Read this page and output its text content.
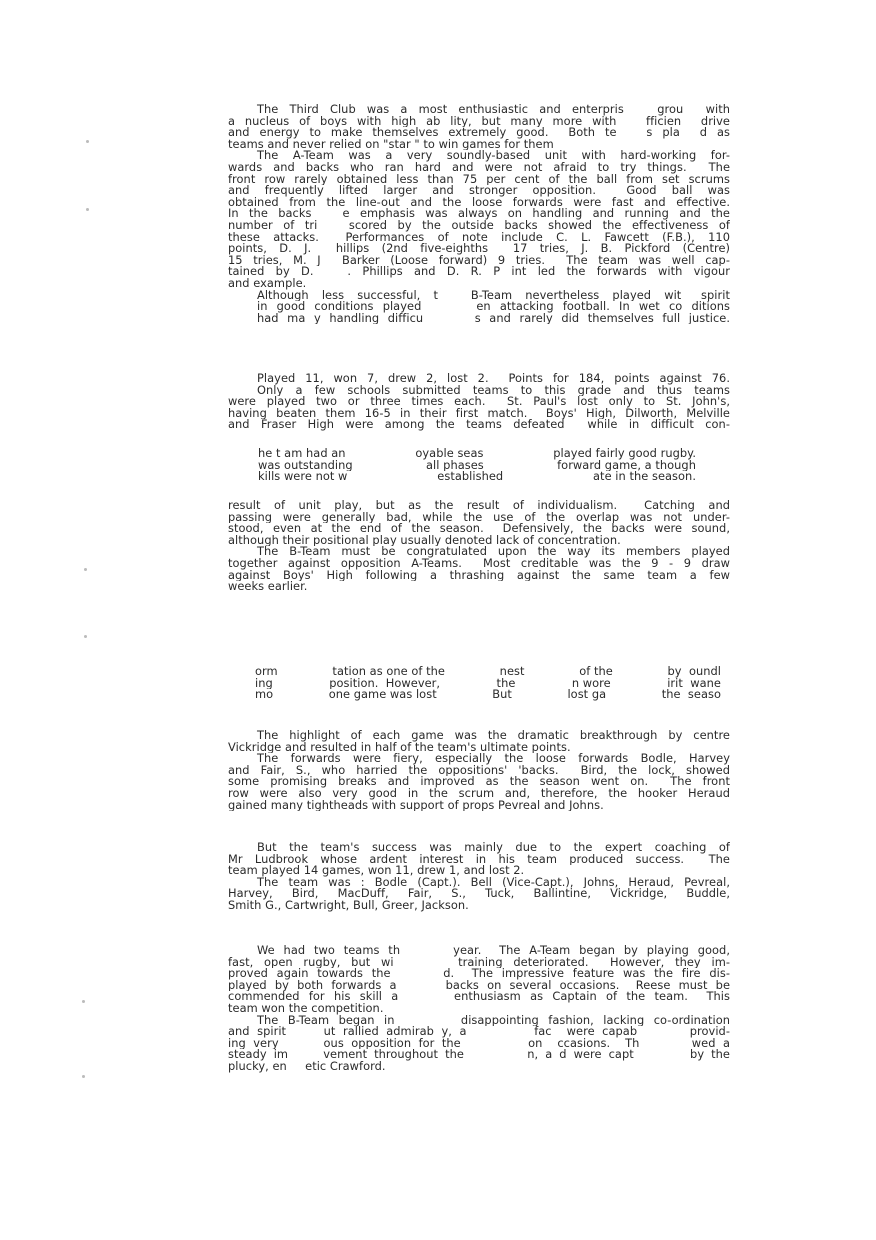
The Third Club was a most enthusiastic and enterpris   grou  with
a nucleus of boys with high ab lity, but many more with   fficien  drive
and energy to make themselves extremely good.  Both te   s pla  d as
teams and never relied on "star " to win games for them
The A-Team was a very soundly-based unit with hard-working for-
wards and backs who ran hard and were not afraid to try things.  The
front row rarely obtained less than 75 per cent of the ball from set scrums
and frequently lifted larger and stronger opposition.  Good ball was
obtained from the line-out and the loose forwards were fast and effective.
In the backs   e emphasis was always on handling and running and the
number of tri   scored by the outside backs showed the effectiveness of
these attacks.  Performances of note include C. L. Fawcett (F.B.), 110
points, D. J.  hillips (2nd five-eighths  17 tries, J. B. Pickford (Centre)
15 tries, M. J  Barker (Loose forward) 9 tries.  The team was well cap-
tained by D.   . Phillips and D. R. P int led the forwards with vigour
and example.
Although  less  successful,  t     B-Team  nevertheless  played  wit   spirit
in good conditions played      en attacking football. In wet co ditions
had ma y handling difficu      s and rarely did themselves full justice.
Played 11, won 7, drew 2, lost 2.  Points for 184, points against 76.
Only a few schools submitted teams to this grade and thus teams
were played two or three times each.  St. Paul's lost only to St. John's,
having beaten them 16-5 in their first match.  Boys' High, Dilworth, Melville
and Fraser High were among the teams defeated  while in difficult con-
he t am had an	oyable seas	played fairly good rugby.
was outstanding	all phases	forward game, a though
kills were not w	established	ate in the season.
result of unit play, but as the result of individualism.  Catching and
passing were generally bad, while the use of the overlap was not under-
stood, even at the end of the season.  Defensively, the backs were sound,
although their positional play usually denoted lack of concentration.
The B-Team must be congratulated upon the way its members played
together against opposition A-Teams.  Most creditable was the 9 - 9 draw
against Boys' High following a thrashing against the same team a few
weeks earlier.
orm	tation as one of the	nest	of the	by  oundl
ing	position.  However,	the	n wore	irit  wane
mo	one game was lost	But	lost ga	the  seaso
The highlight of each game was the dramatic breakthrough by centre
Vickridge and resulted in half of the team's ultimate points.
The forwards were fiery, especially the loose forwards Bodle, Harvey
and Fair, S., who harried the oppositions' 'backs.  Bird, the lock, showed
some promising breaks and improved as the season went on.  The front
row were also very good in the scrum and, therefore, the hooker Heraud
gained many tightheads with support of props Pevreal and Johns.
But the team's success was mainly due to the expert coaching of
Mr Ludbrook whose ardent interest in his team produced success.  The
team played 14 games, won 11, drew 1, and lost 2.
The team was : Bodle (Capt.). Bell (Vice-Capt.), Johns, Heraud, Pevreal,
Harvey, Bird, MacDuff, Fair, S., Tuck, Ballintine, Vickridge, Buddle,
Smith G., Cartwright, Bull, Greer, Jackson.
We had two teams th      year.  The A-Team began by playing good,
fast, open rugby, but wi      training deteriorated.  However, they im-
proved again towards the      d.  The impressive feature was the fire dis-
played by both forwards a      backs on several occasions.  Reese must be
commended for his skill a      enthusiasm as Captain of the team.  This
team won the competition.
The B-Team began in       disappointing fashion, lacking co-ordination
and spirit     ut rallied admirab y, a         fac  were capab       provid-
ing very      ous opposition for the         on  ccasions.  Th       wed a
steady im     vement throughout the         n, a d were capt        by the
plucky, en     etic Crawford.
